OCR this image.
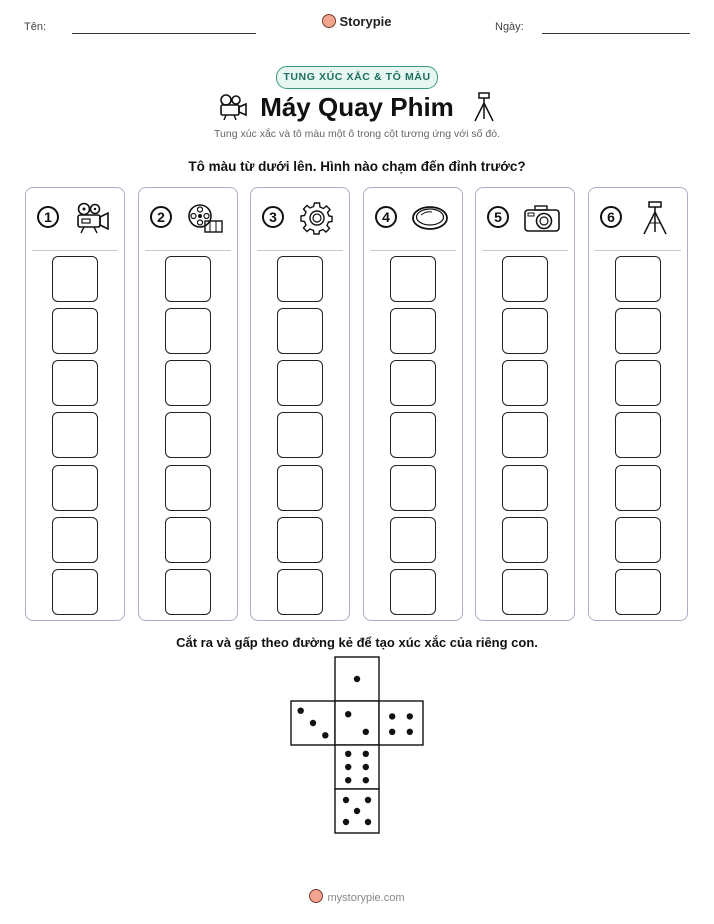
Tên:	Storypie	Ngày:
TUNG XÚC XẮC & TÔ MÀU
Máy Quay Phim
Tung xúc xắc và tô màu một ô trong cột tương ứng với số đó.
Tô màu từ dưới lên. Hình nào chạm đến đỉnh trước?
1	2	3	4	5	6
Cắt ra và gấp theo đường kẻ để tạo xúc xắc của riêng con.
mystorypie.com
